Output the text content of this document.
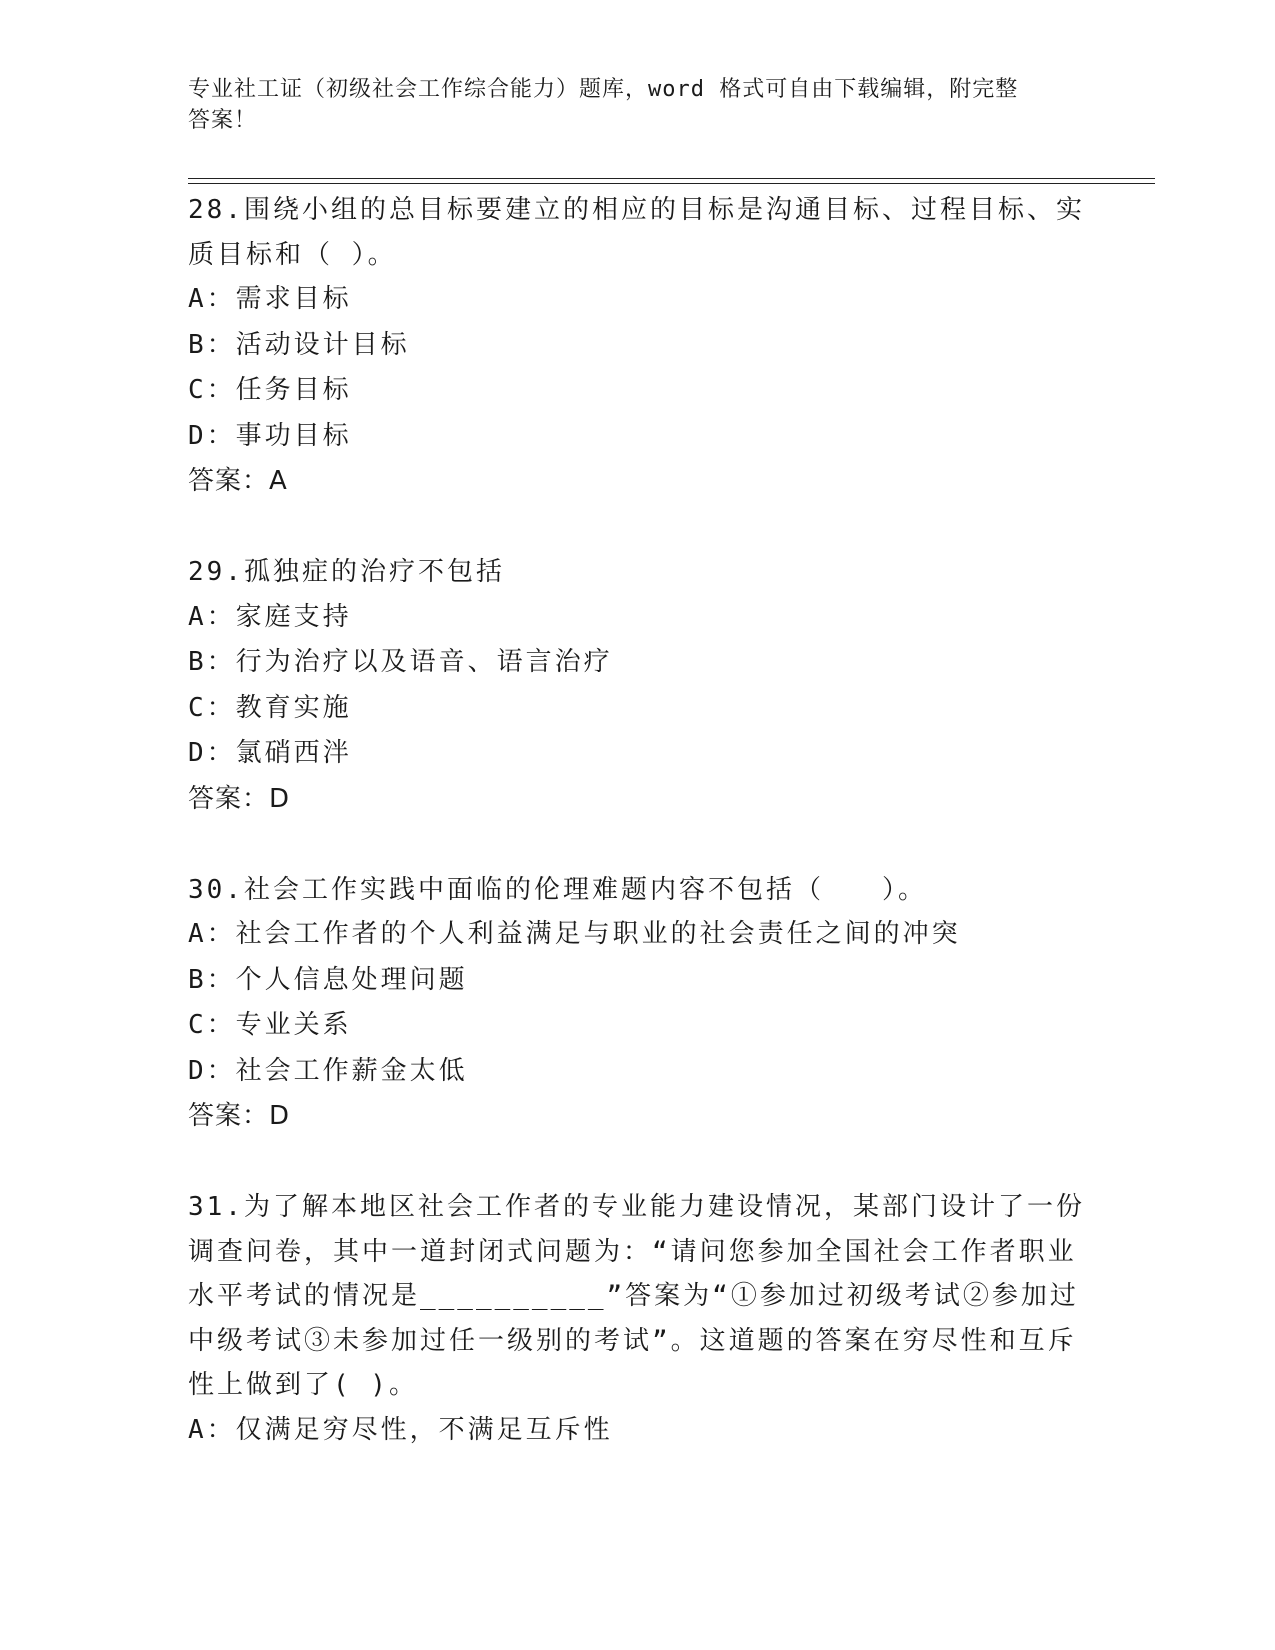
专业社工证（初级社会工作综合能力）题库，word 格式可自由下载编辑，附完整
答案！
28.围绕小组的总目标要建立的相应的目标是沟通目标、过程目标、实质目标和（ ）。
A：需求目标
B：活动设计目标
C：任务目标
D：事功目标
答案：A
29.孤独症的治疗不包括
A：家庭支持
B：行为治疗以及语音、语言治疗
C：教育实施
D：氯硝西泮
答案：D
30.社会工作实践中面临的伦理难题内容不包括（　　）。
A：社会工作者的个人利益满足与职业的社会责任之间的冲突
B：个人信息处理问题
C：专业关系
D：社会工作薪金太低
答案：D
31.为了解本地区社会工作者的专业能力建设情况，某部门设计了一份调查问卷，其中一道封闭式问题为：“请问您参加全国社会工作者职业水平考试的情况是__________”答案为“①参加过初级考试②参加过中级考试③未参加过任一级别的考试”。这道题的答案在穷尽性和互斥性上做到了( )。
A：仅满足穷尽性，不满足互斥性
